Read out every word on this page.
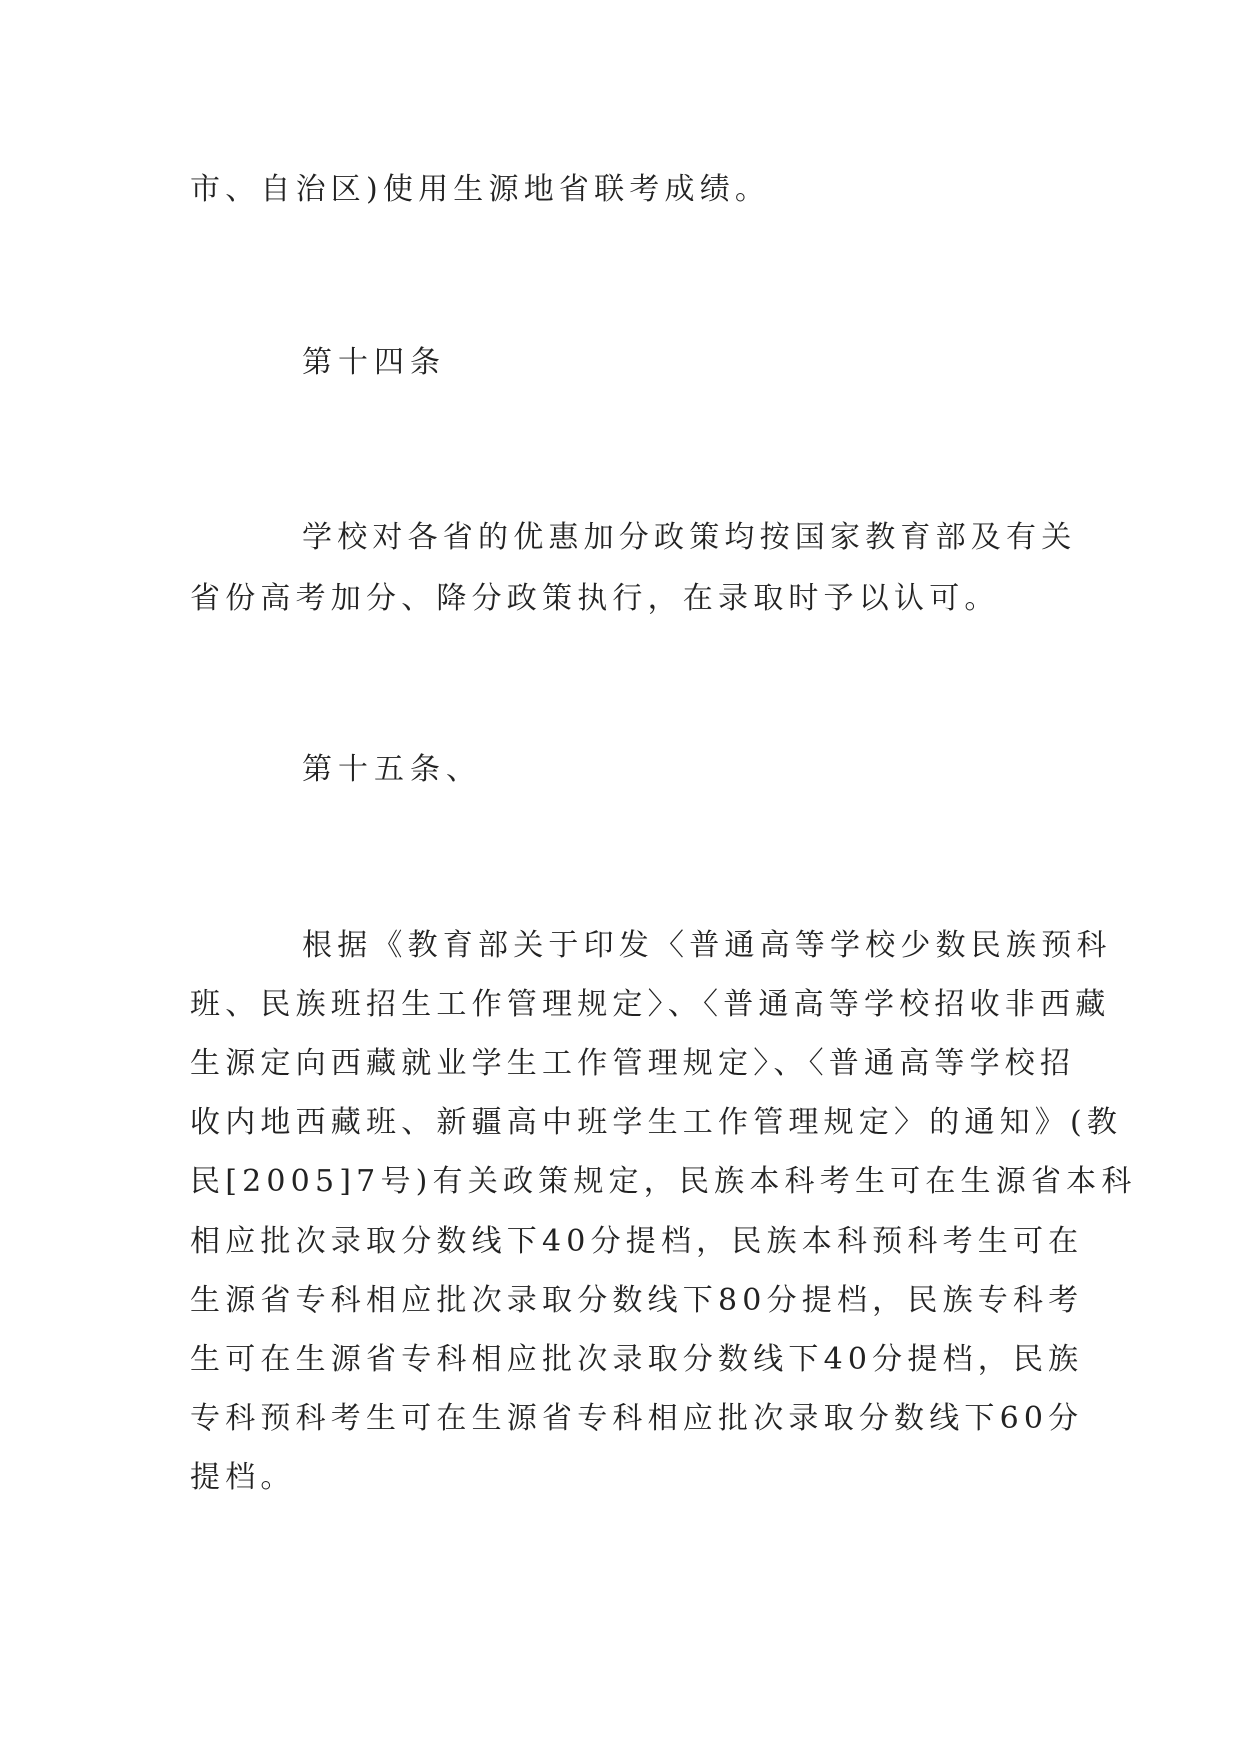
市、自治区)使用生源地省联考成绩。
第十四条
学校对各省的优惠加分政策均按国家教育部及有关
省份高考加分、降分政策执行，在录取时予以认可。
第十五条、
根据《教育部关于印发〈普通高等学校少数民族预科
班、民族班招生工作管理规定〉、〈普通高等学校招收非西藏
生源定向西藏就业学生工作管理规定〉、〈普通高等学校招
收内地西藏班、新疆高中班学生工作管理规定〉的通知》(教
民[2005]7号)有关政策规定，民族本科考生可在生源省本科
相应批次录取分数线下40分提档，民族本科预科考生可在
生源省专科相应批次录取分数线下80分提档，民族专科考
生可在生源省专科相应批次录取分数线下40分提档，民族
专科预科考生可在生源省专科相应批次录取分数线下60分
提档。
